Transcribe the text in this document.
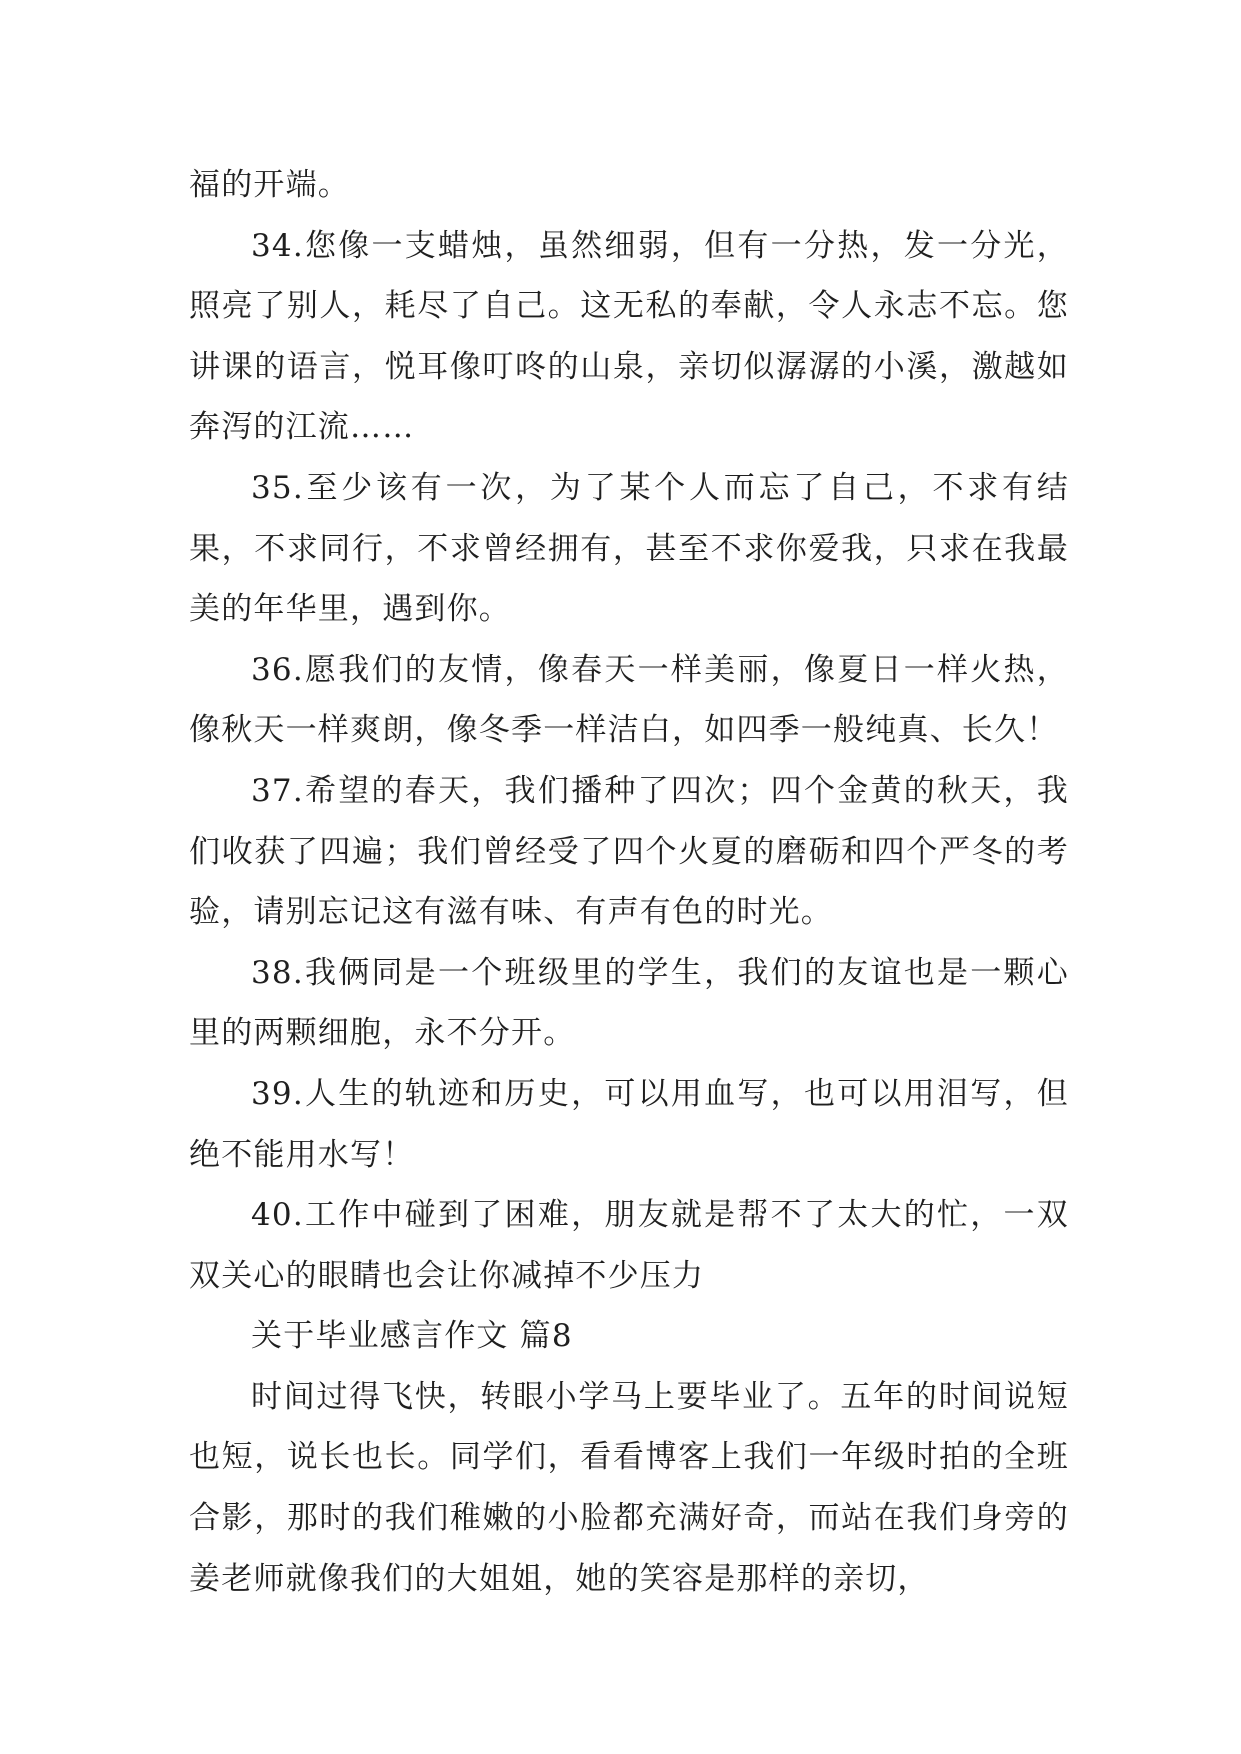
福的开端。

34.您像一支蜡烛，虽然细弱，但有一分热，发一分光，照亮了别人，耗尽了自己。这无私的奉献，令人永志不忘。您讲课的语言，悦耳像叮咚的山泉，亲切似潺潺的小溪，激越如奔泻的江流……

35.至少该有一次，为了某个人而忘了自己，不求有结果，不求同行，不求曾经拥有，甚至不求你爱我，只求在我最美的年华里，遇到你。

36.愿我们的友情，像春天一样美丽，像夏日一样火热，像秋天一样爽朗，像冬季一样洁白，如四季一般纯真、长久！

37.希望的春天，我们播种了四次；四个金黄的秋天，我们收获了四遍；我们曾经受了四个火夏的磨砺和四个严冬的考验，请别忘记这有滋有味、有声有色的时光。

38.我俩同是一个班级里的学生，我们的友谊也是一颗心里的两颗细胞，永不分开。

39.人生的轨迹和历史，可以用血写，也可以用泪写，但绝不能用水写！

40.工作中碰到了困难，朋友就是帮不了太大的忙，一双双关心的眼睛也会让你减掉不少压力

关于毕业感言作文 篇8

时间过得飞快，转眼小学马上要毕业了。五年的时间说短也短，说长也长。同学们，看看博客上我们一年级时拍的全班合影，那时的我们稚嫩的小脸都充满好奇，而站在我们身旁的姜老师就像我们的大姐姐，她的笑容是那样的亲切，
